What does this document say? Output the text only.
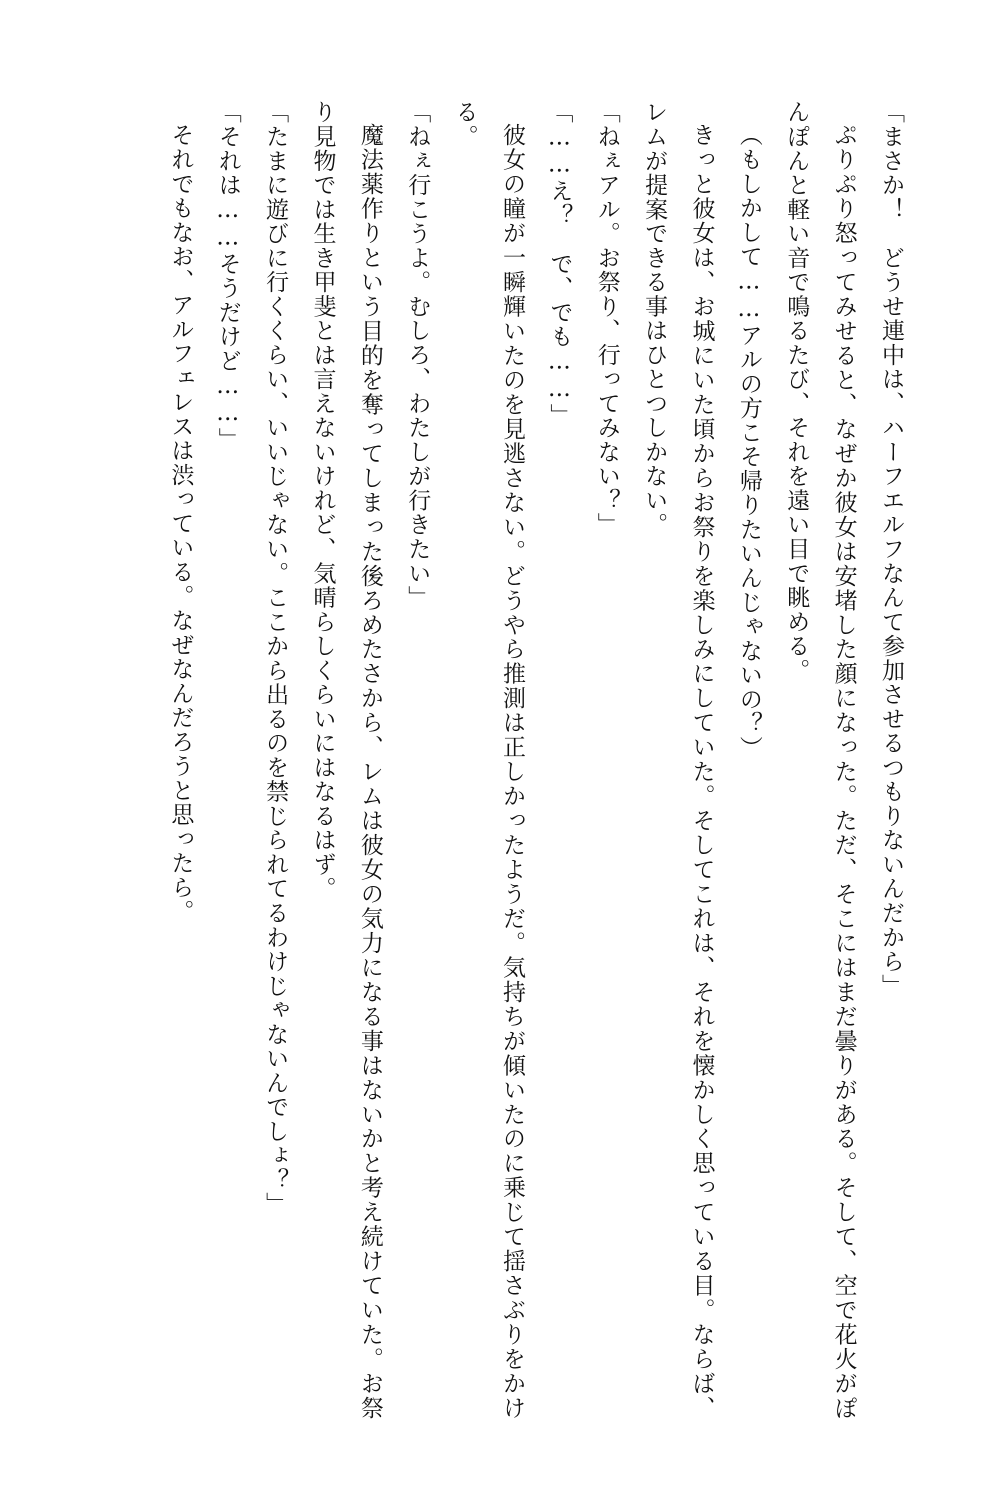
「まさか！　どうせ連中は、ハーフエルフなんて参加させるつもりないんだから」

ぷりぷり怒ってみせると、なぜか彼女は安堵した顔になった。ただ、そこにはまだ曇りがある。そして、空で花火がぽんぽんと軽い音で鳴るたび、それを遠い目で眺める。

（もしかして……アルの方こそ帰りたいんじゃないの？）

きっと彼女は、お城にいた頃からお祭りを楽しみにしていた。そしてこれは、それを懐かしく思っている目。ならば、レムが提案できる事はひとつしかない。

「ねぇアル。お祭り、行ってみない？」

「……え？　で、でも……」

彼女の瞳が一瞬輝いたのを見逃さない。どうやら推測は正しかったようだ。気持ちが傾いたのに乗じて揺さぶりをかける。

「ねぇ行こうよ。むしろ、わたしが行きたい」

魔法薬作りという目的を奪ってしまった後ろめたさから、レムは彼女の気力になる事はないかと考え続けていた。お祭り見物では生き甲斐とは言えないけれど、気晴らしくらいにはなるはず。

「たまに遊びに行くくらい、いいじゃない。ここから出るのを禁じられてるわけじゃないんでしょ？」

「それは……そうだけど……」

それでもなお、アルフェレスは渋っている。なぜなんだろうと思ったら。
